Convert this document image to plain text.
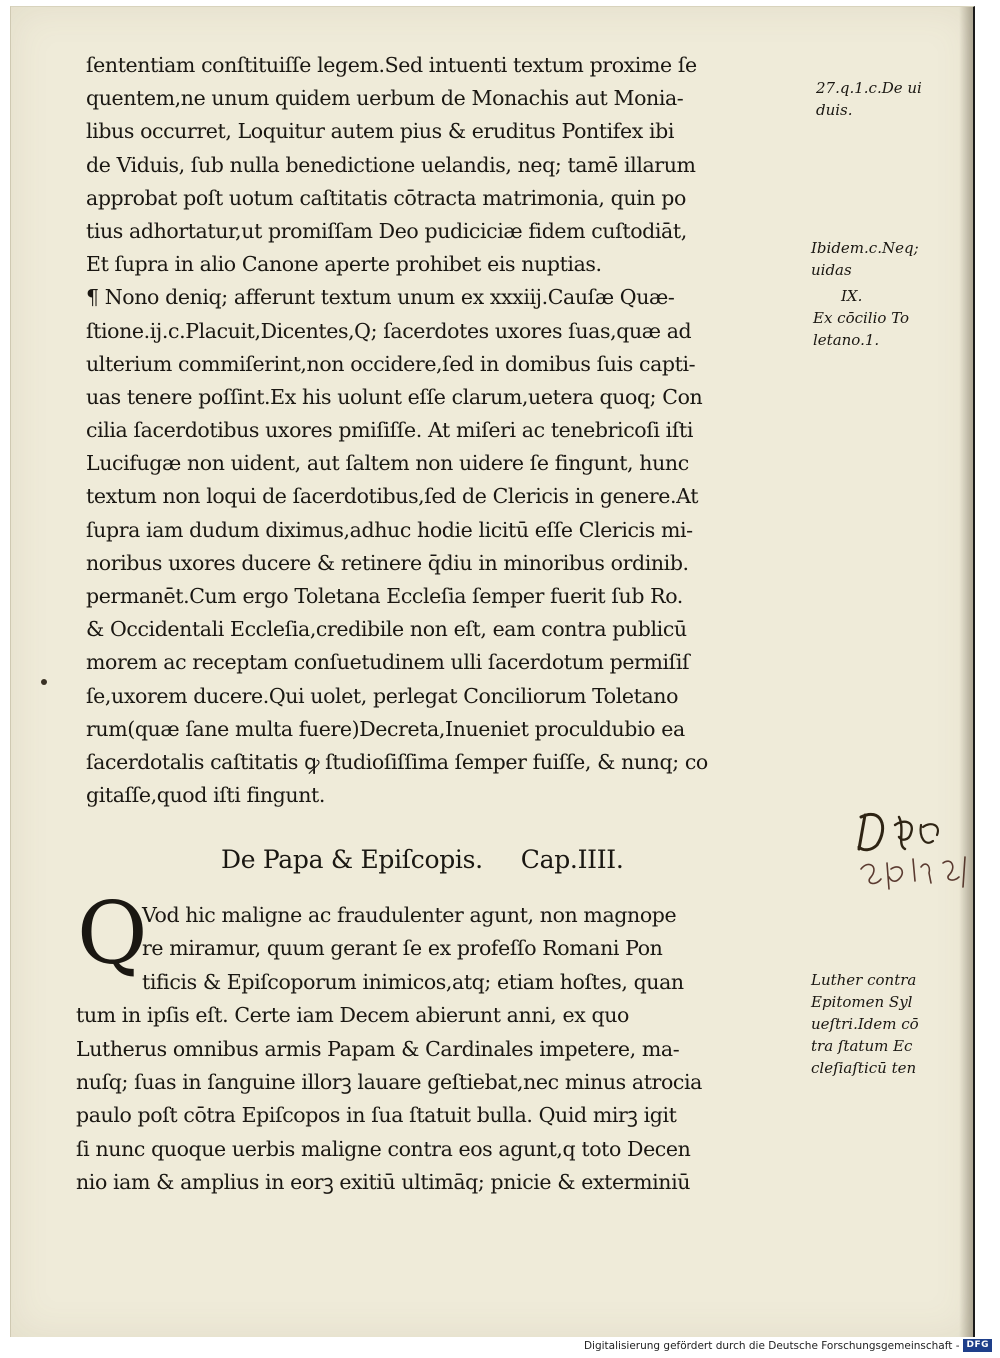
ſententiam conſtituiſſe legem.Sed intuenti textum proxime ſe
quentem,ne unum quidem uerbum de Monachis aut Monia-
libus occurret, Loquitur autem pius & eruditus Pontifex ibi
de Viduis, ſub nulla benedictione uelandis, neq; tamē illarum
approbat poſt uotum caſtitatis cōtracta matrimonia, quin po
tius adhortatur,ut promiſſam Deo pudiciciæ fidem cuſtodiāt,
Et ſupra in alio Canone aperte prohibet eis nuptias.
¶ Nono deniq; afferunt textum unum ex xxxiij.Cauſæ Quæ-
ſtione.ij.c.Placuit,Dicentes,Q; ſacerdotes uxores ſuas,quæ ad
ulterium commiſerint,non occidere,ſed in domibus ſuis capti-
uas tenere poſſint.Ex his uolunt eſſe clarum,uetera quoq; Con
cilia ſacerdotibus uxores pmiſiſſe. At miſeri ac tenebricoſi iſti
Lucifugæ non uident, aut ſaltem non uidere ſe fingunt, hunc
textum non loqui de ſacerdotibus,ſed de Clericis in genere.At
ſupra iam dudum diximus,adhuc hodie licitū eſſe Clericis mi-
noribus uxores ducere & retinere q̄diu in minoribus ordinib.
permanēt.Cum ergo Toletana Eccleſia ſemper fuerit ſub Ro.
& Occidentali Eccleſia,credibile non eſt, eam contra publicū
morem ac receptam conſuetudinem ulli ſacerdotum permiſiſ
ſe,uxorem ducere.Qui uolet, perlegat Conciliorum Toletano
rum(quæ ſane multa fuere)Decreta,Inueniet proculdubio ea
ſacerdotalis caſtitatis ꝙ ſtudioſiſſima ſemper fuiſſe, & nunq; co
gitaſſe,quod iſti fingunt.
27.q.1.c.De ui
duis.
Ibidem.c.Neq;
uidas
IX.
Ex cōcilio To
letano.1.
Luther contra
Epitomen Syl
ueſtri.Idem cō
tra ſtatum Ec
cleſiaſticū ten
De Papa & Epiſcopis. Cap.IIII.
Q
Vod hic maligne ac fraudulenter agunt, non magnope
re miramur, quum gerant ſe ex profeſſo Romani Pon
tificis & Epiſcoporum inimicos,atq; etiam hoſtes, quan
tum in ipſis eſt. Certe iam Decem abierunt anni, ex quo
Lutherus omnibus armis Papam & Cardinales impetere, ma-
nuſq; ſuas in ſanguine illorꝫ lauare geſtiebat,nec minus atrocia
paulo poſt cōtra Epiſcopos in ſua ſtatuit bulla. Quid mirꝫ igit
ſi nunc quoque uerbis maligne contra eos agunt,q toto Decen
nio iam & amplius in eorꝫ exitiū ultimāq; pnicie & exterminiū
Digitalisierung gefördert durch die Deutsche Forschungsgemeinschaft - DFG
